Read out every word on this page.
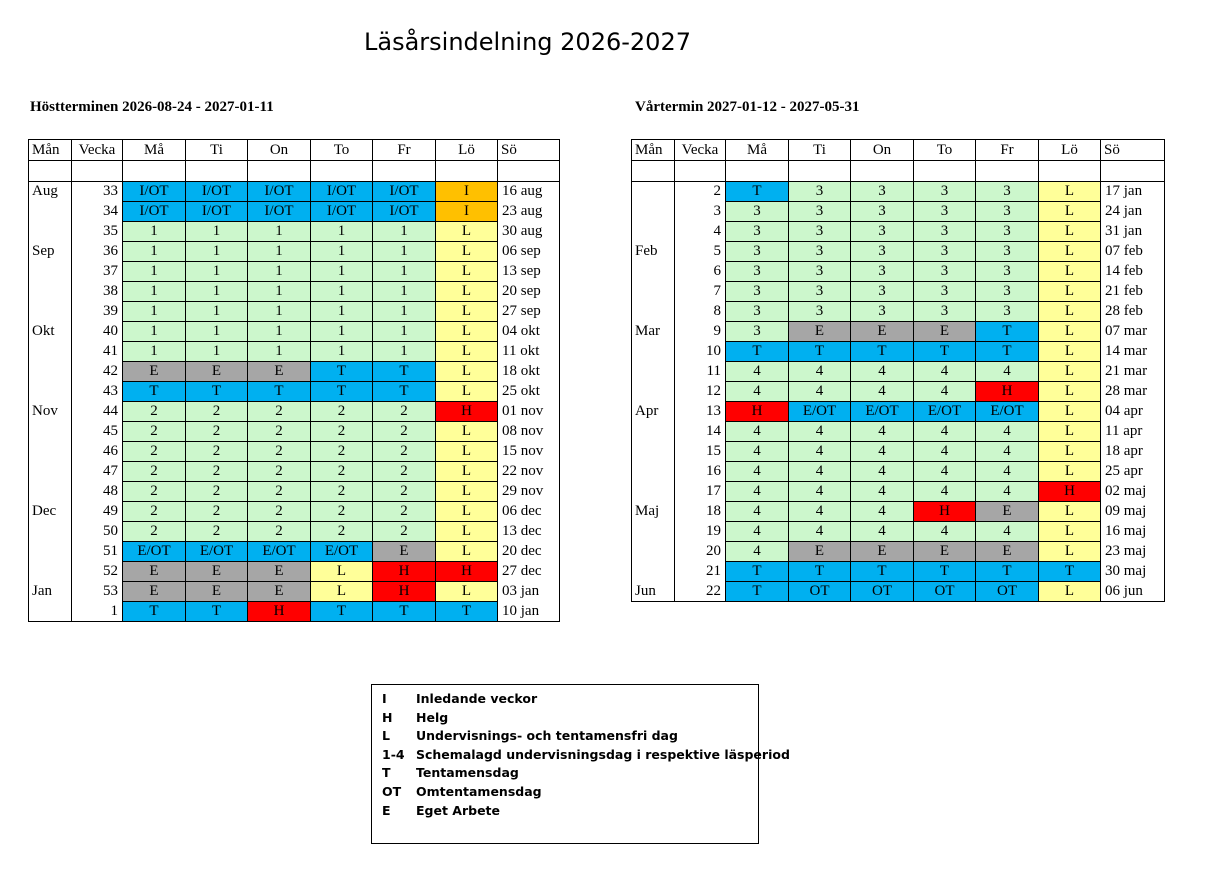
Läsårsindelning 2026-2027
Höstterminen 2026-08-24 - 2027-01-11	Vårtermin 2027-01-12 - 2027-05-31
Mån	Vecka	Må	Ti	On	To	Fr	Lö	Sö

Aug	33	I/OT	I/OT	I/OT	I/OT	I/OT	I	16 aug
	34	I/OT	I/OT	I/OT	I/OT	I/OT	I	23 aug
	35	1	1	1	1	1	L	30 aug
Sep	36	1	1	1	1	1	L	06 sep
	37	1	1	1	1	1	L	13 sep
	38	1	1	1	1	1	L	20 sep
	39	1	1	1	1	1	L	27 sep
Okt	40	1	1	1	1	1	L	04 okt
	41	1	1	1	1	1	L	11 okt
	42	E	E	E	T	T	L	18 okt
	43	T	T	T	T	T	L	25 okt
Nov	44	2	2	2	2	2	H	01 nov
	45	2	2	2	2	2	L	08 nov
	46	2	2	2	2	2	L	15 nov
	47	2	2	2	2	2	L	22 nov
	48	2	2	2	2	2	L	29 nov
Dec	49	2	2	2	2	2	L	06 dec
	50	2	2	2	2	2	L	13 dec
	51	E/OT	E/OT	E/OT	E/OT	E	L	20 dec
	52	E	E	E	L	H	H	27 dec
Jan	53	E	E	E	L	H	L	03 jan
	1	T	T	H	T	T	T	10 jan
Mån	Vecka	Må	Ti	On	To	Fr	Lö	Sö

	2	T	3	3	3	3	L	17 jan
	3	3	3	3	3	3	L	24 jan
	4	3	3	3	3	3	L	31 jan
Feb	5	3	3	3	3	3	L	07 feb
	6	3	3	3	3	3	L	14 feb
	7	3	3	3	3	3	L	21 feb
	8	3	3	3	3	3	L	28 feb
Mar	9	3	E	E	E	T	L	07 mar
	10	T	T	T	T	T	L	14 mar
	11	4	4	4	4	4	L	21 mar
	12	4	4	4	4	H	L	28 mar
Apr	13	H	E/OT	E/OT	E/OT	E/OT	L	04 apr
	14	4	4	4	4	4	L	11 apr
	15	4	4	4	4	4	L	18 apr
	16	4	4	4	4	4	L	25 apr
	17	4	4	4	4	4	H	02 maj
Maj	18	4	4	4	H	E	L	09 maj
	19	4	4	4	4	4	L	16 maj
	20	4	E	E	E	E	L	23 maj
	21	T	T	T	T	T	T	30 maj
Jun	22	T	OT	OT	OT	OT	L	06 jun
I	Inledande veckor
H	Helg
L	Undervisnings- och tentamensfri dag
1-4 Schemalagd undervisningsdag i respektive läsperiod
T	Tentamensdag
OT	Omtentamensdag
E	Eget Arbete
